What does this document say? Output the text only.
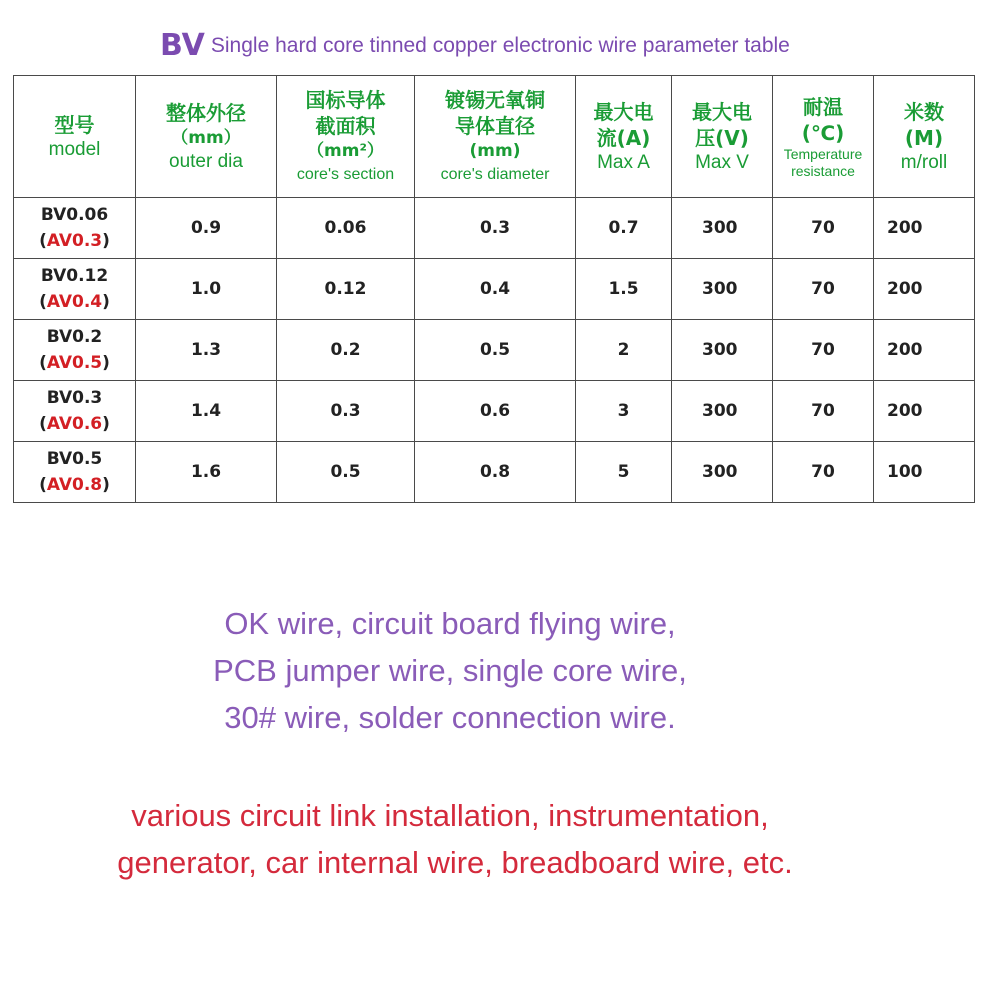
BV Single hard core tinned copper electronic wire parameter table
型号
model	整体外径
（mm）
outer dia	国标导体
截面积
（mm²）
core's section	镀锡无氧铜
导体直径
(mm)
core's diameter	最大电
流(A)
Max A	最大电
压(V)
Max V	耐温
(℃)
Temperature
resistance	米数
(M)
m/roll

BV0.06
(AV0.3)	0.9	0.06	0.3	0.7	300	70	200

BV0.12
(AV0.4)	1.0	0.12	0.4	1.5	300	70	200

BV0.2
(AV0.5)	1.3	0.2	0.5	2	300	70	200

BV0.3
(AV0.6)	1.4	0.3	0.6	3	300	70	200

BV0.5
(AV0.8)	1.6	0.5	0.8	5	300	70	100
OK wire, circuit board flying wire,
PCB jumper wire, single core wire,
30# wire, solder connection wire.
various circuit link installation, instrumentation,
generator, car internal wire, breadboard wire, etc.
